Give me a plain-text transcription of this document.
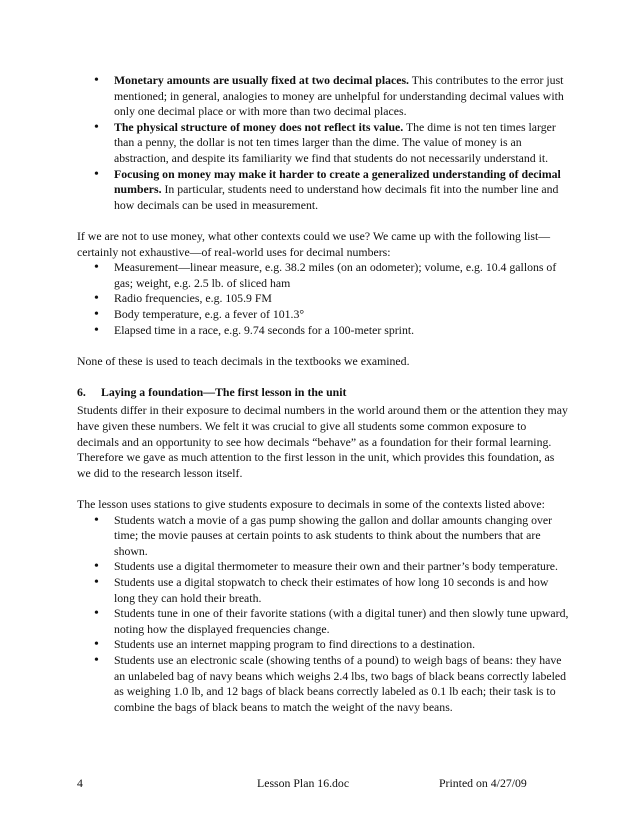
• Monetary amounts are usually fixed at two decimal places. This contributes to the error just mentioned; in general, analogies to money are unhelpful for understanding decimal values with only one decimal place or with more than two decimal places.
• The physical structure of money does not reflect its value. The dime is not ten times larger than a penny, the dollar is not ten times larger than the dime. The value of money is an abstraction, and despite its familiarity we find that students do not necessarily understand it.
• Focusing on money may make it harder to create a generalized understanding of decimal numbers. In particular, students need to understand how decimals fit into the number line and how decimals can be used in measurement.

If we are not to use money, what other contexts could we use? We came up with the following list—certainly not exhaustive—of real-world uses for decimal numbers:

• Measurement—linear measure, e.g. 38.2 miles (on an odometer); volume, e.g. 10.4 gallons of gas; weight, e.g. 2.5 lb. of sliced ham
• Radio frequencies, e.g. 105.9 FM
• Body temperature, e.g. a fever of 101.3°
• Elapsed time in a race, e.g. 9.74 seconds for a 100-meter sprint.

None of these is used to teach decimals in the textbooks we examined.

6. Laying a foundation—The first lesson in the unit

Students differ in their exposure to decimal numbers in the world around them or the attention they may have given these numbers. We felt it was crucial to give all students some common exposure to decimals and an opportunity to see how decimals “behave” as a foundation for their formal learning. Therefore we gave as much attention to the first lesson in the unit, which provides this foundation, as we did to the research lesson itself.

The lesson uses stations to give students exposure to decimals in some of the contexts listed above:

• Students watch a movie of a gas pump showing the gallon and dollar amounts changing over time; the movie pauses at certain points to ask students to think about the numbers that are shown.
• Students use a digital thermometer to measure their own and their partner’s body temperature.
• Students use a digital stopwatch to check their estimates of how long 10 seconds is and how long they can hold their breath.
• Students tune in one of their favorite stations (with a digital tuner) and then slowly tune upward, noting how the displayed frequencies change.
• Students use an internet mapping program to find directions to a destination.
• Students use an electronic scale (showing tenths of a pound) to weigh bags of beans: they have an unlabeled bag of navy beans which weighs 2.4 lbs, two bags of black beans correctly labeled as weighing 1.0 lb, and 12 bags of black beans correctly labeled as 0.1 lb each; their task is to combine the bags of black beans to match the weight of the navy beans.
4	Lesson Plan 16.doc	Printed on 4/27/09
